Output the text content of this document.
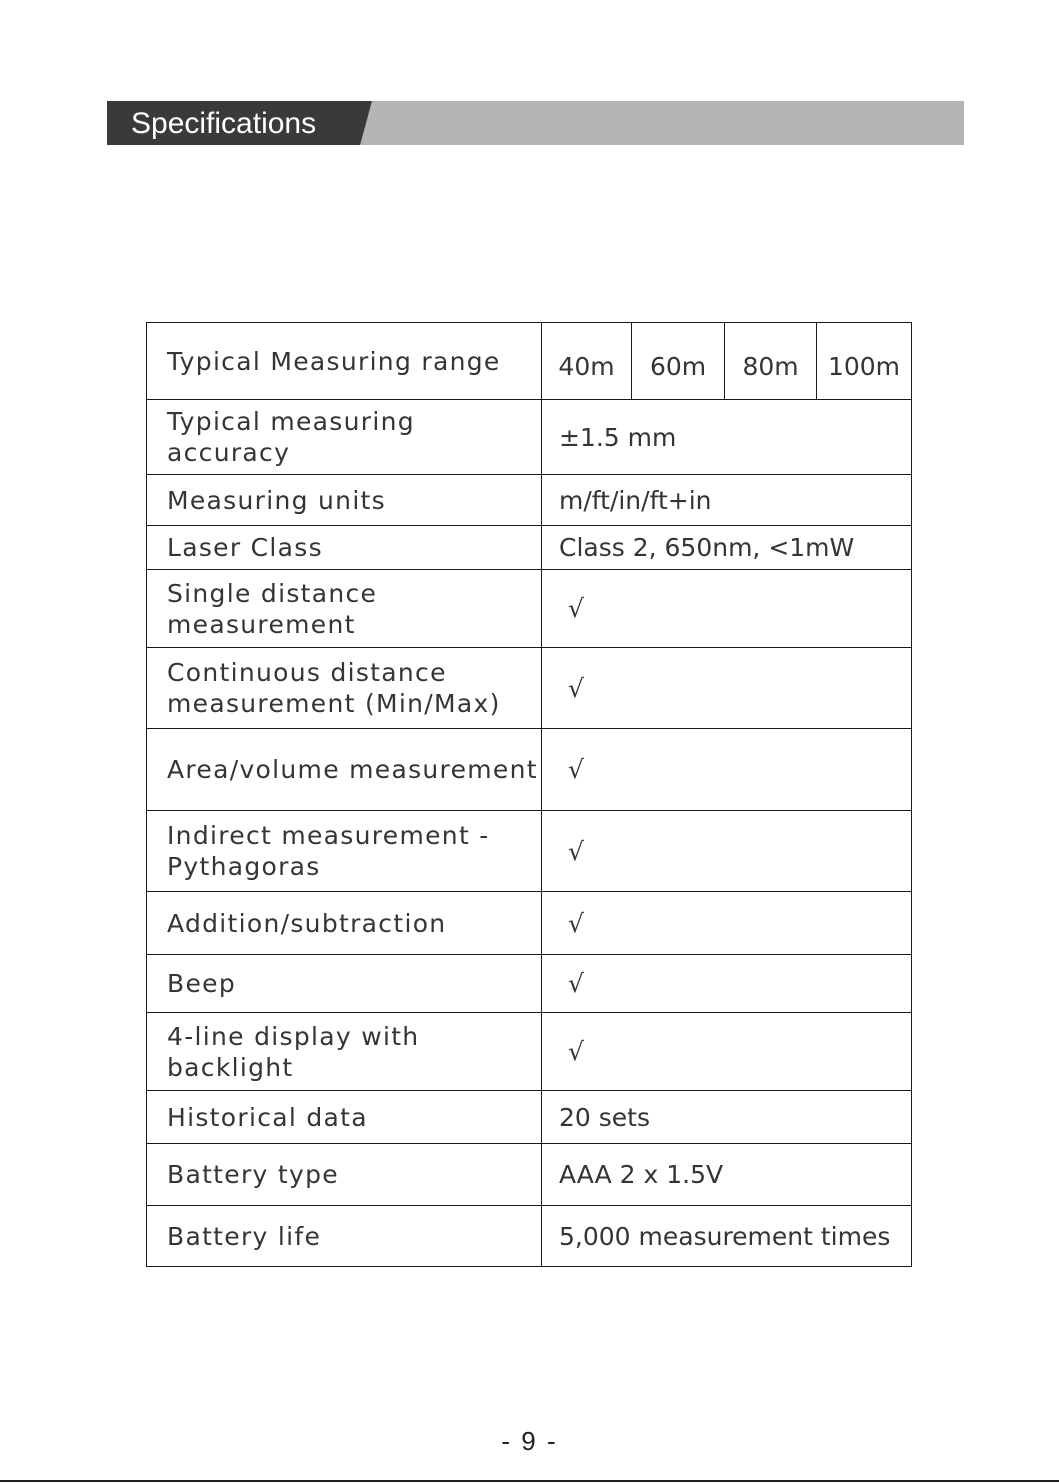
Specifications
Typical Measuring range	40m 60m 80m 100m

Typical measuring accuracy	±1.5 mm
Measuring units	m/ft/in/ft+in
Laser Class	Class 2, 650nm, <1mW
Single distance measurement	√
Continuous distance measurement (Min/Max)	√
Area/volume measurement	√
Indirect measurement - Pythagoras	√
Addition/subtraction	√
Beep	√
4-line display with backlight	√
Historical data	20 sets
Battery type	AAA 2 x 1.5V
Battery life	5,000 measurement times
- 9 -
